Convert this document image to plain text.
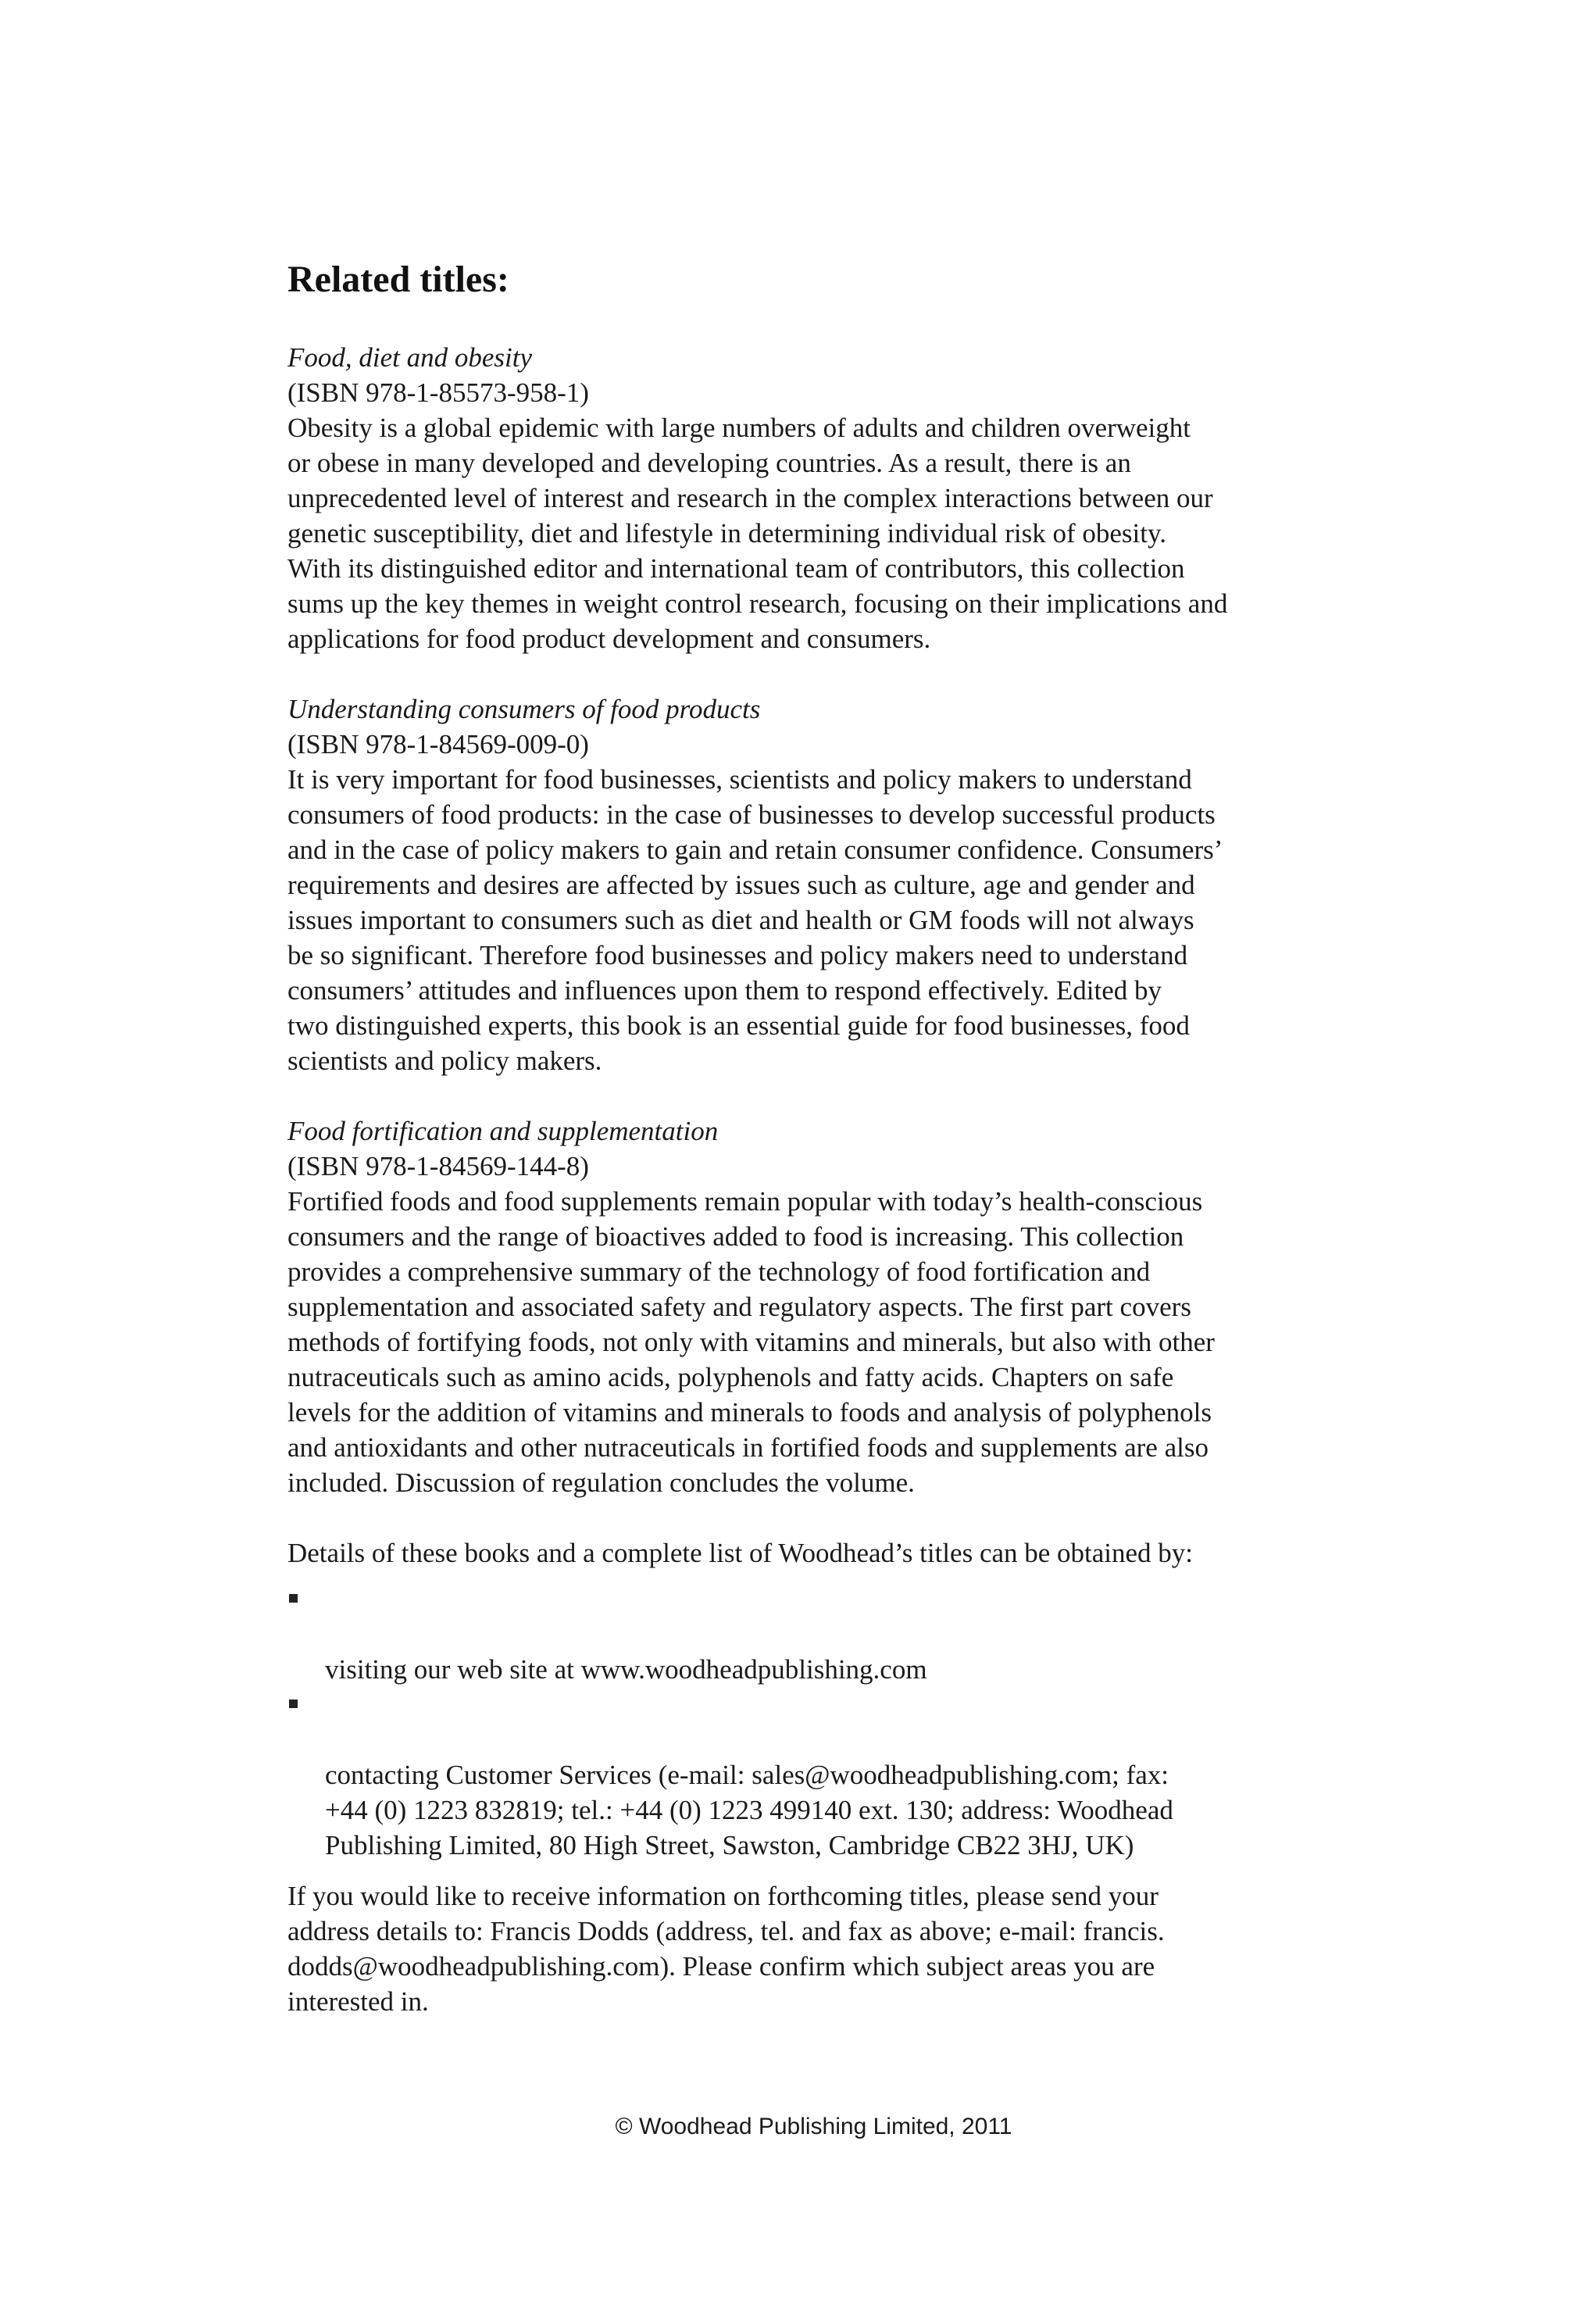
Related titles:
Food, diet and obesity
(ISBN 978-1-85573-958-1)
Obesity is a global epidemic with large numbers of adults and children overweight
or obese in many developed and developing countries. As a result, there is an
unprecedented level of interest and research in the complex interactions between our
genetic susceptibility, diet and lifestyle in determining individual risk of obesity.
With its distinguished editor and international team of contributors, this collection
sums up the key themes in weight control research, focusing on their implications and
applications for food product development and consumers.
Understanding consumers of food products
(ISBN 978-1-84569-009-0)
It is very important for food businesses, scientists and policy makers to understand
consumers of food products: in the case of businesses to develop successful products
and in the case of policy makers to gain and retain consumer confidence. Consumers’
requirements and desires are affected by issues such as culture, age and gender and
issues important to consumers such as diet and health or GM foods will not always
be so significant. Therefore food businesses and policy makers need to understand
consumers’ attitudes and influences upon them to respond effectively. Edited by
two distinguished experts, this book is an essential guide for food businesses, food
scientists and policy makers.
Food fortification and supplementation
(ISBN 978-1-84569-144-8)
Fortified foods and food supplements remain popular with today’s health-conscious
consumers and the range of bioactives added to food is increasing. This collection
provides a comprehensive summary of the technology of food fortification and
supplementation and associated safety and regulatory aspects. The first part covers
methods of fortifying foods, not only with vitamins and minerals, but also with other
nutraceuticals such as amino acids, polyphenols and fatty acids. Chapters on safe
levels for the addition of vitamins and minerals to foods and analysis of polyphenols
and antioxidants and other nutraceuticals in fortified foods and supplements are also
included. Discussion of regulation concludes the volume.
Details of these books and a complete list of Woodhead’s titles can be obtained by:

visiting our web site at www.woodheadpublishing.com

contacting Customer Services (e-mail: sales@woodheadpublishing.com; fax:
+44 (0) 1223 832819; tel.: +44 (0) 1223 499140 ext. 130; address: Woodhead
Publishing Limited, 80 High Street, Sawston, Cambridge CB22 3HJ, UK)

If you would like to receive information on forthcoming titles, please send your
address details to: Francis Dodds (address, tel. and fax as above; e-mail: francis.
dodds@woodheadpublishing.com). Please confirm which subject areas you are
interested in.
© Woodhead Publishing Limited, 2011
